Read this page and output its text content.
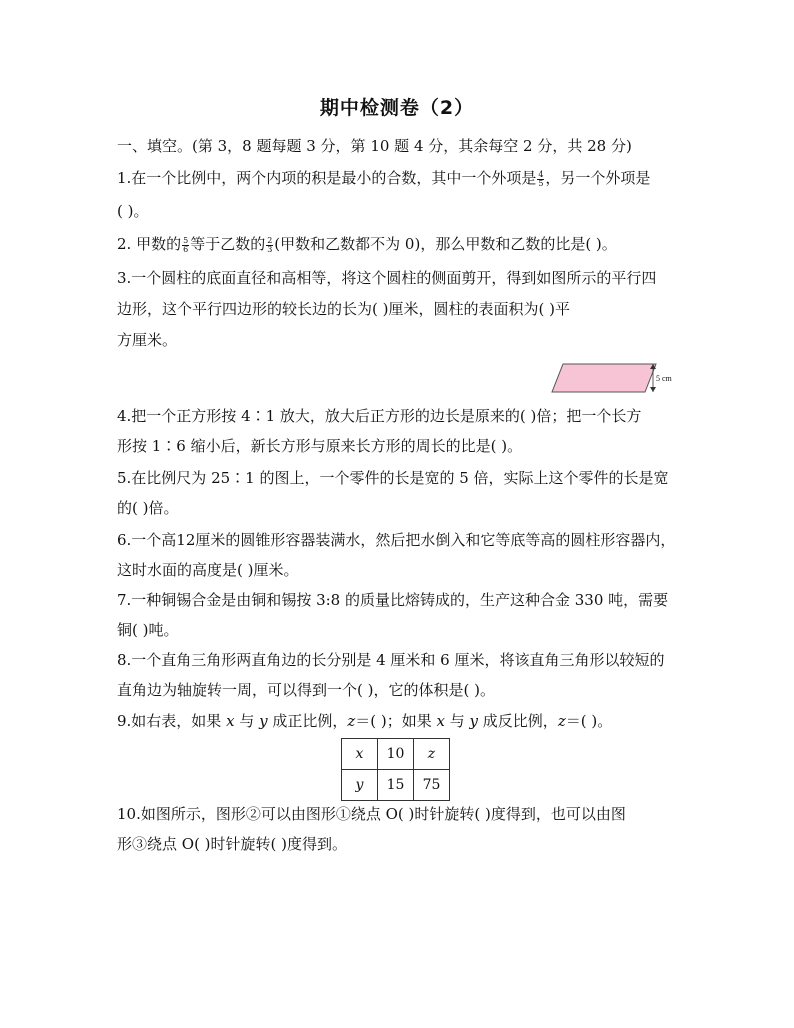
期中检测卷（2）
一、填空。(第 3，8 题每题 3 分，第 10 题 4 分，其余每空 2 分，共 28 分)
1.在一个比例中，两个内项的积是最小的合数，其中一个外项是 $\frac{4}{5}$ ，另一个外项是
( )。
2. 甲数的 $\frac{5}{6}$ 等于乙数的 $\frac{2}{3}$ (甲数和乙数都不为 0)，那么甲数和乙数的比是( )。
3.一个圆柱的底面直径和高相等，将这个圆柱的侧面剪开，得到如图所示的平行四
边形，这个平行四边形的较长边的长为( )厘米，圆柱的表面积为( )平
方厘米。
5 cm
4.把一个正方形按 4∶1 放大，放大后正方形的边长是原来的( )倍；把一个长方
形按 1∶6 缩小后，新长方形与原来长方形的周长的比是( )。
5.在比例尺为 25∶1 的图上，一个零件的长是宽的 5 倍，实际上这个零件的长是宽
的( )倍。
6.一个高12厘米的圆锥形容器装满水，然后把水倒入和它等底等高的圆柱形容器内，
这时水面的高度是( )厘米。
7.一种铜锡合金是由铜和锡按 3:8 的质量比熔铸成的，生产这种合金 330 吨，需要
铜( )吨。
8.一个直角三角形两直角边的长分别是 4 厘米和 6 厘米，将该直角三角形以较短的
直角边为轴旋转一周，可以得到一个( )，它的体积是( )。
9.如右表，如果 x 与 y 成正比例，z＝( )；如果 x 与 y 成反比例，z＝( )。
x	10	z
y	15	75
10.如图所示，图形②可以由图形①绕点 O( )时针旋转( )度得到，也可以由图
形③绕点 O( )时针旋转( )度得到。
